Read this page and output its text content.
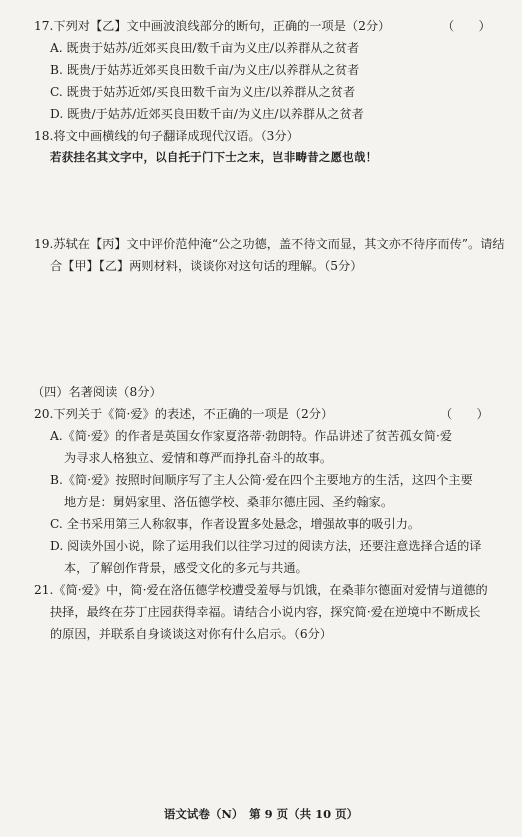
17.下列对【乙】文中画波浪线部分的断句，正确的一项是（2分）	（　　）
A. 既贵于姑苏/近郊买良田/数千亩为义庄/以养群从之贫者
B. 既贵/于姑苏近郊买良田数千亩/为义庄/以养群从之贫者
C. 既贵于姑苏近郊/买良田数千亩为义庄/以养群从之贫者
D. 既贵/于姑苏/近郊买良田数千亩/为义庄/以养群从之贫者
18.将文中画横线的句子翻译成现代汉语。（3分）
若获挂名其文字中，以自托于门下士之末，岂非畴昔之愿也哉！
19.苏轼在【丙】文中评价范仲淹“公之功德，盖不待文而显，其文亦不待序而传”。请结
合【甲】【乙】两则材料，谈谈你对这句话的理解。（5分）
（四）名著阅读（8分）
20.下列关于《简·爱》的表述，不正确的一项是（2分）	（　　）
A.《简·爱》的作者是英国女作家夏洛蒂·勃朗特。作品讲述了贫苦孤女简·爱
为寻求人格独立、爱情和尊严而挣扎奋斗的故事。
B.《简·爱》按照时间顺序写了主人公简·爱在四个主要地方的生活，这四个主要
地方是：舅妈家里、洛伍德学校、桑菲尔德庄园、圣约翰家。
C. 全书采用第三人称叙事，作者设置多处悬念，增强故事的吸引力。
D. 阅读外国小说，除了运用我们以往学习过的阅读方法，还要注意选择合适的译
本，了解创作背景，感受文化的多元与共通。
21.《简·爱》中，简·爱在洛伍德学校遭受羞辱与饥饿，在桑菲尔德面对爱情与道德的
抉择，最终在芬丁庄园获得幸福。请结合小说内容，探究简·爱在逆境中不断成长
的原因，并联系自身谈谈这对你有什么启示。（6分）
语文试卷（N）　第 9 页（共 10 页）
